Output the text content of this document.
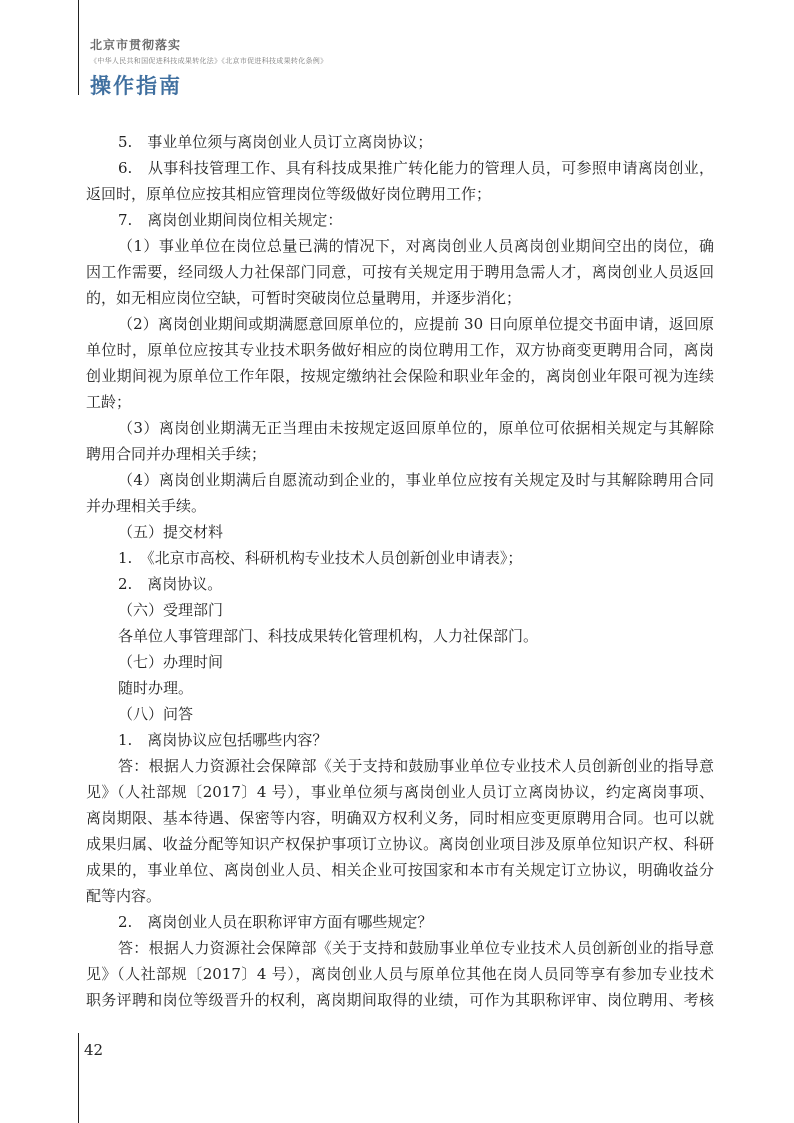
北京市贯彻落实
《中华人民共和国促进科技成果转化法》《北京市促进科技成果转化条例》
操作指南
5.　事业单位须与离岗创业人员订立离岗协议；
6.　从事科技管理工作、具有科技成果推广转化能力的管理人员，可参照申请离岗创业，
返回时，原单位应按其相应管理岗位等级做好岗位聘用工作；
7.　离岗创业期间岗位相关规定：
（1）事业单位在岗位总量已满的情况下，对离岗创业人员离岗创业期间空出的岗位，确
因工作需要，经同级人力社保部门同意，可按有关规定用于聘用急需人才，离岗创业人员返回
的，如无相应岗位空缺，可暂时突破岗位总量聘用，并逐步消化；
（2）离岗创业期间或期满愿意回原单位的，应提前 30 日向原单位提交书面申请，返回原
单位时，原单位应按其专业技术职务做好相应的岗位聘用工作，双方协商变更聘用合同，离岗
创业期间视为原单位工作年限，按规定缴纳社会保险和职业年金的，离岗创业年限可视为连续
工龄；
（3）离岗创业期满无正当理由未按规定返回原单位的，原单位可依据相关规定与其解除
聘用合同并办理相关手续；
（4）离岗创业期满后自愿流动到企业的，事业单位应按有关规定及时与其解除聘用合同
并办理相关手续。
（五）提交材料
1.　《北京市高校、科研机构专业技术人员创新创业申请表》；
2.　离岗协议。
（六）受理部门
各单位人事管理部门、科技成果转化管理机构，人力社保部门。
（七）办理时间
随时办理。
（八）问答
1.　离岗协议应包括哪些内容？
答：根据人力资源社会保障部《关于支持和鼓励事业单位专业技术人员创新创业的指导意
见》（人社部规〔2017〕4 号），事业单位须与离岗创业人员订立离岗协议，约定离岗事项、
离岗期限、基本待遇、保密等内容，明确双方权利义务，同时相应变更原聘用合同。也可以就
成果归属、收益分配等知识产权保护事项订立协议。离岗创业项目涉及原单位知识产权、科研
成果的，事业单位、离岗创业人员、相关企业可按国家和本市有关规定订立协议，明确收益分
配等内容。
2.　离岗创业人员在职称评审方面有哪些规定？
答：根据人力资源社会保障部《关于支持和鼓励事业单位专业技术人员创新创业的指导意
见》（人社部规〔2017〕4 号），离岗创业人员与原单位其他在岗人员同等享有参加专业技术
职务评聘和岗位等级晋升的权利，离岗期间取得的业绩，可作为其职称评审、岗位聘用、考核
42
